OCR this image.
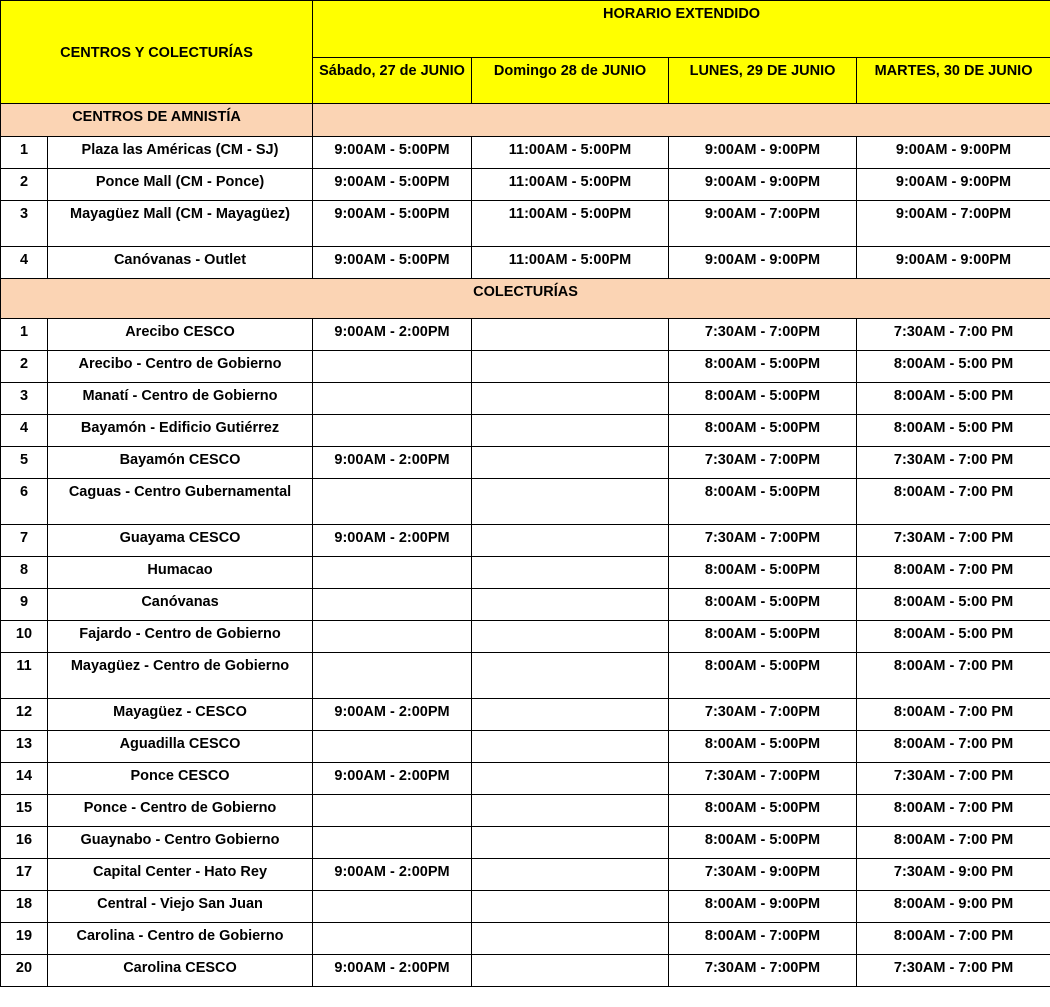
CENTROS Y COLECTURÍAS		HORARIO EXTENDIDO			
		Sábado, 27 de JUNIO	Domingo 28 de JUNIO	LUNES, 29 DE JUNIO	MARTES, 30 DE JUNIO
CENTROS DE AMNISTÍA					
1	Plaza las Américas (CM - SJ)	9:00AM - 5:00PM	11:00AM - 5:00PM	9:00AM - 9:00PM	9:00AM - 9:00PM
2	Ponce Mall (CM - Ponce)	9:00AM - 5:00PM	11:00AM - 5:00PM	9:00AM - 9:00PM	9:00AM - 9:00PM
3	Mayagüez Mall (CM - Mayagüez)	9:00AM - 5:00PM	11:00AM - 5:00PM	9:00AM - 7:00PM	9:00AM - 7:00PM
4	Canóvanas - Outlet	9:00AM - 5:00PM	11:00AM - 5:00PM	9:00AM - 9:00PM	9:00AM - 9:00PM
COLECTURÍAS					
1	Arecibo CESCO	9:00AM - 2:00PM		7:30AM - 7:00PM	7:30AM - 7:00 PM
2	Arecibo - Centro de Gobierno			8:00AM - 5:00PM	8:00AM - 5:00 PM
3	Manatí - Centro de Gobierno			8:00AM - 5:00PM	8:00AM - 5:00 PM
4	Bayamón - Edificio Gutiérrez			8:00AM - 5:00PM	8:00AM - 5:00 PM
5	Bayamón CESCO	9:00AM - 2:00PM		7:30AM - 7:00PM	7:30AM - 7:00 PM
6	Caguas - Centro Gubernamental			8:00AM - 5:00PM	8:00AM - 7:00 PM
7	Guayama CESCO	9:00AM - 2:00PM		7:30AM - 7:00PM	7:30AM - 7:00 PM
8	Humacao			8:00AM - 5:00PM	8:00AM - 7:00 PM
9	Canóvanas			8:00AM - 5:00PM	8:00AM - 5:00 PM
10	Fajardo - Centro de Gobierno			8:00AM - 5:00PM	8:00AM - 5:00 PM
11	Mayagüez - Centro de Gobierno			8:00AM - 5:00PM	8:00AM - 7:00 PM
12	Mayagüez - CESCO	9:00AM - 2:00PM		7:30AM - 7:00PM	8:00AM - 7:00 PM
13	Aguadilla CESCO			8:00AM - 5:00PM	8:00AM - 7:00 PM
14	Ponce CESCO	9:00AM - 2:00PM		7:30AM - 7:00PM	7:30AM - 7:00 PM
15	Ponce - Centro de Gobierno			8:00AM - 5:00PM	8:00AM - 7:00 PM
16	Guaynabo - Centro Gobierno			8:00AM - 5:00PM	8:00AM - 7:00 PM
17	Capital Center - Hato Rey	9:00AM - 2:00PM		7:30AM - 9:00PM	7:30AM - 9:00 PM
18	Central - Viejo San Juan			8:00AM - 9:00PM	8:00AM - 9:00 PM
19	Carolina - Centro de Gobierno			8:00AM - 7:00PM	8:00AM - 7:00 PM
20	Carolina CESCO	9:00AM - 2:00PM		7:30AM - 7:00PM	7:30AM - 7:00 PM
